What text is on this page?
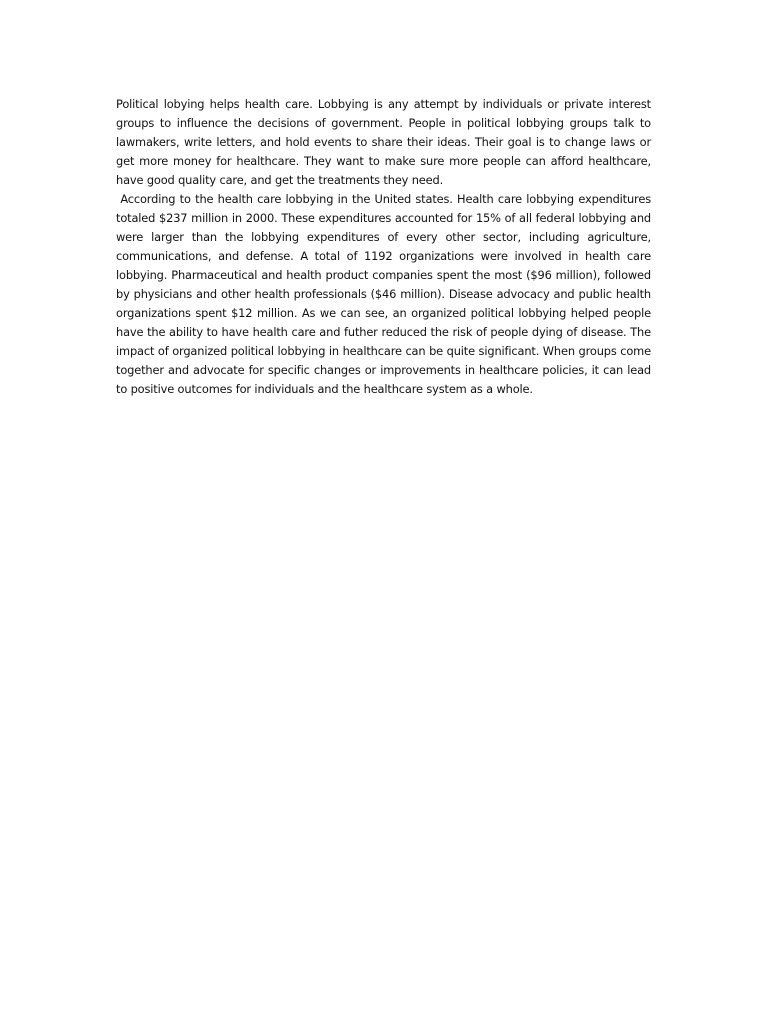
Political lobying helps health care. Lobbying is any attempt by individuals or private interest groups to influence the decisions of government. People in political lobbying groups talk to lawmakers, write letters, and hold events to share their ideas. Their goal is to change laws or get more money for healthcare. They want to make sure more people can afford healthcare, have good quality care, and get the treatments they need.

According to the health care lobbying in the United states. Health care lobbying expenditures totaled $237 million in 2000. These expenditures accounted for 15% of all federal lobbying and were larger than the lobbying expenditures of every other sector, including agriculture, communications, and defense. A total of 1192 organizations were involved in health care lobbying. Pharmaceutical and health product companies spent the most ($96 million), followed by physicians and other health professionals ($46 million). Disease advocacy and public health organizations spent $12 million. As we can see, an organized political lobbying helped people have the ability to have health care and futher reduced the risk of people dying of disease. The impact of organized political lobbying in healthcare can be quite significant. When groups come together and advocate for specific changes or improvements in healthcare policies, it can lead to positive outcomes for individuals and the healthcare system as a whole.
